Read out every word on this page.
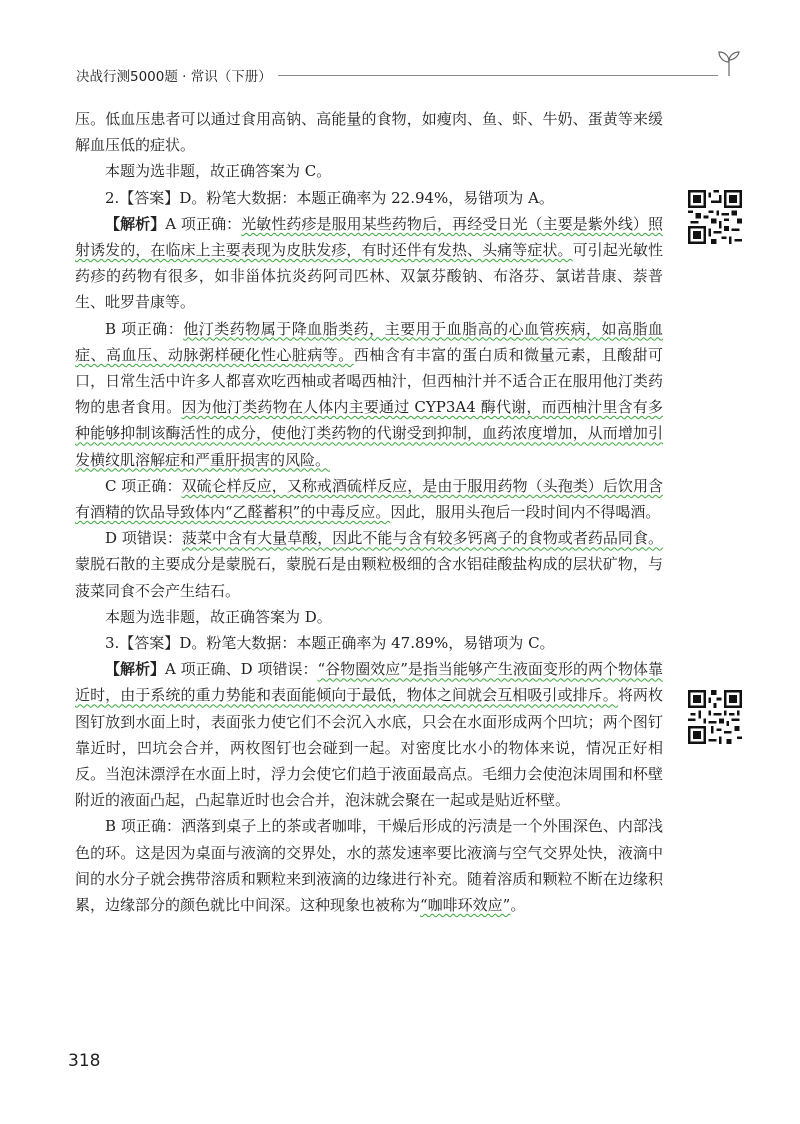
决战行测5000题 · 常识（下册）

压。低血压患者可以通过食用高钠、高能量的食物，如瘦肉、鱼、虾、牛奶、蛋黄等来缓解血压低的症状。

本题为选非题，故正确答案为 C。

2.【答案】D。粉笔大数据：本题正确率为 22.94%，易错项为 A。

【解析】A 项正确：光敏性药疹是服用某些药物后，再经受日光（主要是紫外线）照射诱发的，在临床上主要表现为皮肤发疹，有时还伴有发热、头痛等症状。可引起光敏性药疹的药物有很多，如非甾体抗炎药阿司匹林、双氯芬酸钠、布洛芬、氯诺昔康、萘普生、吡罗昔康等。

B 项正确：他汀类药物属于降血脂类药，主要用于血脂高的心血管疾病，如高脂血症、高血压、动脉粥样硬化性心脏病等。西柚含有丰富的蛋白质和微量元素，且酸甜可口，日常生活中许多人都喜欢吃西柚或者喝西柚汁，但西柚汁并不适合正在服用他汀类药物的患者食用。因为他汀类药物在人体内主要通过 CYP3A4 酶代谢，而西柚汁里含有多种能够抑制该酶活性的成分，使他汀类药物的代谢受到抑制，血药浓度增加，从而增加引发横纹肌溶解症和严重肝损害的风险。

C 项正确：双硫仑样反应，又称戒酒硫样反应，是由于服用药物（头孢类）后饮用含有酒精的饮品导致体内“乙醛蓄积”的中毒反应。因此，服用头孢后一段时间内不得喝酒。

D 项错误：菠菜中含有大量草酸，因此不能与含有较多钙离子的食物或者药品同食。蒙脱石散的主要成分是蒙脱石，蒙脱石是由颗粒极细的含水铝硅酸盐构成的层状矿物，与菠菜同食不会产生结石。

本题为选非题，故正确答案为 D。

3.【答案】D。粉笔大数据：本题正确率为 47.89%，易错项为 C。

【解析】A 项正确、D 项错误：“谷物圈效应”是指当能够产生液面变形的两个物体靠近时，由于系统的重力势能和表面能倾向于最低，物体之间就会互相吸引或排斥。将两枚图钉放到水面上时，表面张力使它们不会沉入水底，只会在水面形成两个凹坑；两个图钉靠近时，凹坑会合并，两枚图钉也会碰到一起。对密度比水小的物体来说，情况正好相反。当泡沫漂浮在水面上时，浮力会使它们趋于液面最高点。毛细力会使泡沫周围和杯壁附近的液面凸起，凸起靠近时也会合并，泡沫就会聚在一起或是贴近杯壁。

B 项正确：洒落到桌子上的茶或者咖啡，干燥后形成的污渍是一个外围深色、内部浅色的环。这是因为桌面与液滴的交界处，水的蒸发速率要比液滴与空气交界处快，液滴中间的水分子就会携带溶质和颗粒来到液滴的边缘进行补充。随着溶质和颗粒不断在边缘积累，边缘部分的颜色就比中间深。这种现象也被称为“咖啡环效应”。

318
